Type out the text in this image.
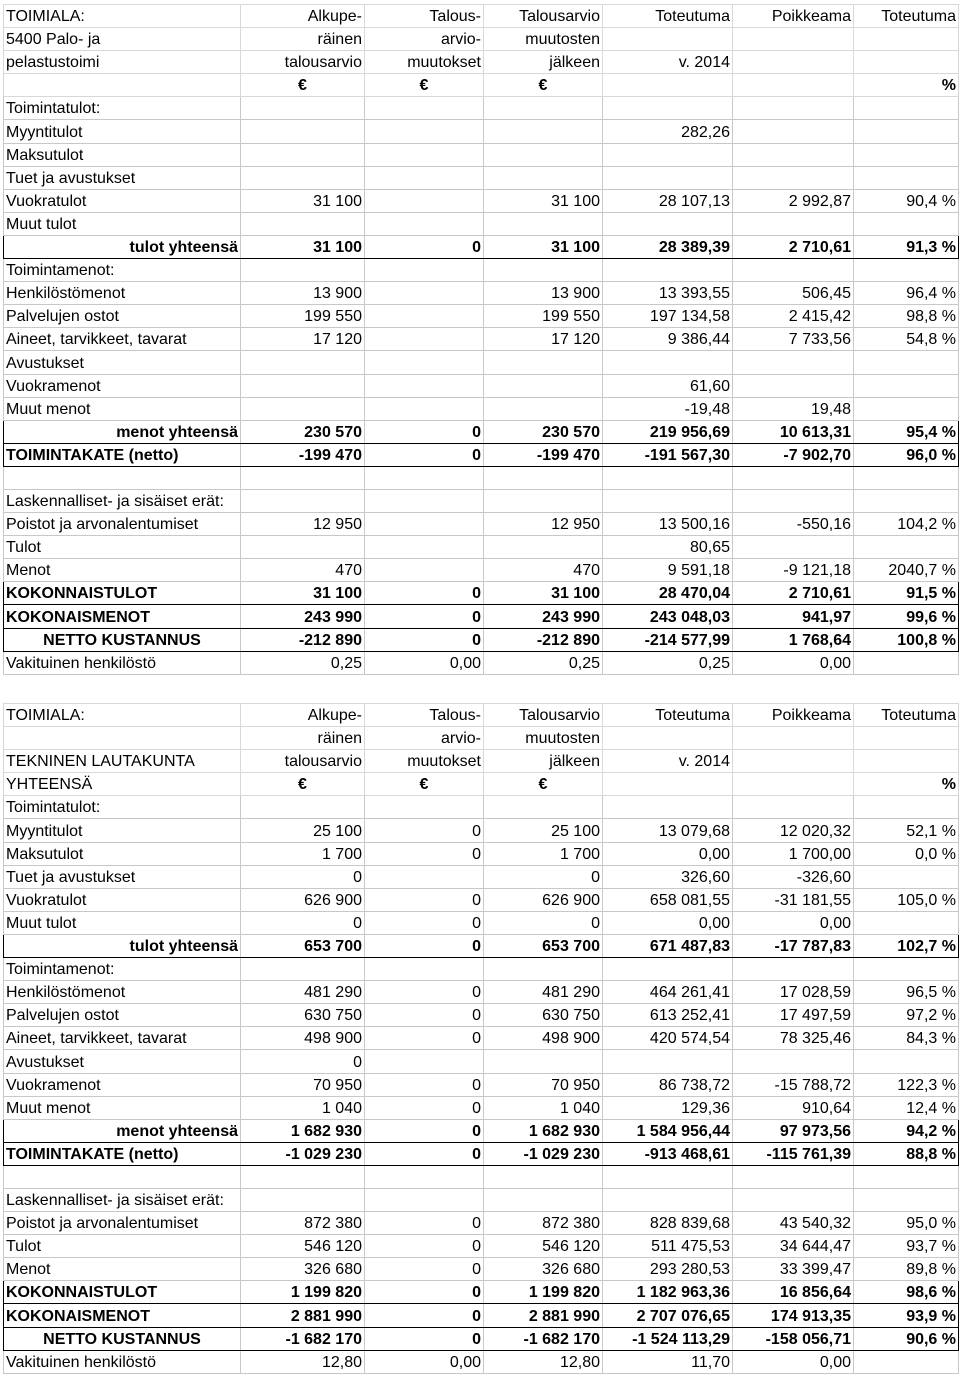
TOIMIALA:	Alkupe-	Talous-	Talousarvio	Toteutuma	Poikkeama	Toteutuma
5400 Palo- ja	räinen	arvio-	muutosten			
pelastustoimi	talousarvio	muutokset	jälkeen	v. 2014		
	€	€	€			%
Toimintatulot:						
Myyntitulot				282,26		
Maksutulot						
Tuet ja avustukset						
Vuokratulot	31 100		31 100	28 107,13	2 992,87	90,4 %
Muut tulot						
tulot yhteensä	31 100	0	31 100	28 389,39	2 710,61	91,3 %
Toimintamenot:						
Henkilöstömenot	13 900		13 900	13 393,55	506,45	96,4 %
Palvelujen ostot	199 550		199 550	197 134,58	2 415,42	98,8 %
Aineet, tarvikkeet, tavarat	17 120		17 120	9 386,44	7 733,56	54,8 %
Avustukset						
Vuokramenot				61,60		
Muut menot				-19,48	19,48	
menot yhteensä	230 570	0	230 570	219 956,69	10 613,31	95,4 %
TOIMINTAKATE (netto)	-199 470	0	-199 470	-191 567,30	-7 902,70	96,0 %

Laskennalliset- ja sisäiset erät:						
Poistot ja arvonalentumiset	12 950		12 950	13 500,16	-550,16	104,2 %
Tulot				80,65		
Menot	470		470	9 591,18	-9 121,18	2040,7 %
KOKONNAISTULOT	31 100	0	31 100	28 470,04	2 710,61	91,5 %
KOKONAISMENOT	243 990	0	243 990	243 048,03	941,97	99,6 %
NETTO KUSTANNUS	-212 890	0	-212 890	-214 577,99	1 768,64	100,8 %
Vakituinen henkilöstö	0,25	0,00	0,25	0,25	0,00	
TOIMIALA:	Alkupe-	Talous-	Talousarvio	Toteutuma	Poikkeama	Toteutuma
	räinen	arvio-	muutosten			
TEKNINEN LAUTAKUNTA	talousarvio	muutokset	jälkeen	v. 2014		
YHTEENSÄ	€	€	€			%
Toimintatulot:						
Myyntitulot	25 100	0	25 100	13 079,68	12 020,32	52,1 %
Maksutulot	1 700	0	1 700	0,00	1 700,00	0,0 %
Tuet ja avustukset	0		0	326,60	-326,60	
Vuokratulot	626 900	0	626 900	658 081,55	-31 181,55	105,0 %
Muut tulot	0	0	0	0,00	0,00	
tulot yhteensä	653 700	0	653 700	671 487,83	-17 787,83	102,7 %
Toimintamenot:						
Henkilöstömenot	481 290	0	481 290	464 261,41	17 028,59	96,5 %
Palvelujen ostot	630 750	0	630 750	613 252,41	17 497,59	97,2 %
Aineet, tarvikkeet, tavarat	498 900	0	498 900	420 574,54	78 325,46	84,3 %
Avustukset	0					
Vuokramenot	70 950	0	70 950	86 738,72	-15 788,72	122,3 %
Muut menot	1 040	0	1 040	129,36	910,64	12,4 %
menot yhteensä	1 682 930	0	1 682 930	1 584 956,44	97 973,56	94,2 %
TOIMINTAKATE (netto)	-1 029 230	0	-1 029 230	-913 468,61	-115 761,39	88,8 %

Laskennalliset- ja sisäiset erät:						
Poistot ja arvonalentumiset	872 380	0	872 380	828 839,68	43 540,32	95,0 %
Tulot	546 120	0	546 120	511 475,53	34 644,47	93,7 %
Menot	326 680	0	326 680	293 280,53	33 399,47	89,8 %
KOKONNAISTULOT	1 199 820	0	1 199 820	1 182 963,36	16 856,64	98,6 %
KOKONAISMENOT	2 881 990	0	2 881 990	2 707 076,65	174 913,35	93,9 %
NETTO KUSTANNUS	-1 682 170	0	-1 682 170	-1 524 113,29	-158 056,71	90,6 %
Vakituinen henkilöstö	12,80	0,00	12,80	11,70	0,00	
